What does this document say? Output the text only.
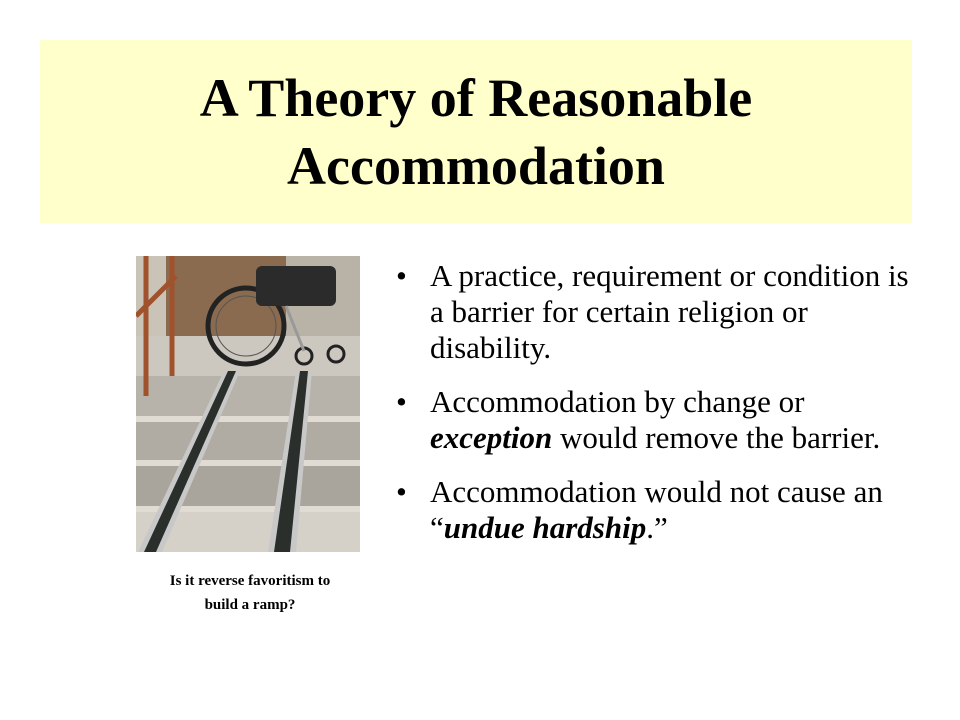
A Theory of Reasonable
Accommodation
Is it reverse favoritism to
build a ramp?
• A practice, requirement or condition is a barrier for certain religion or disability.
• Accommodation by change or exception would remove the barrier.
• Accommodation would not cause an “undue hardship.”
